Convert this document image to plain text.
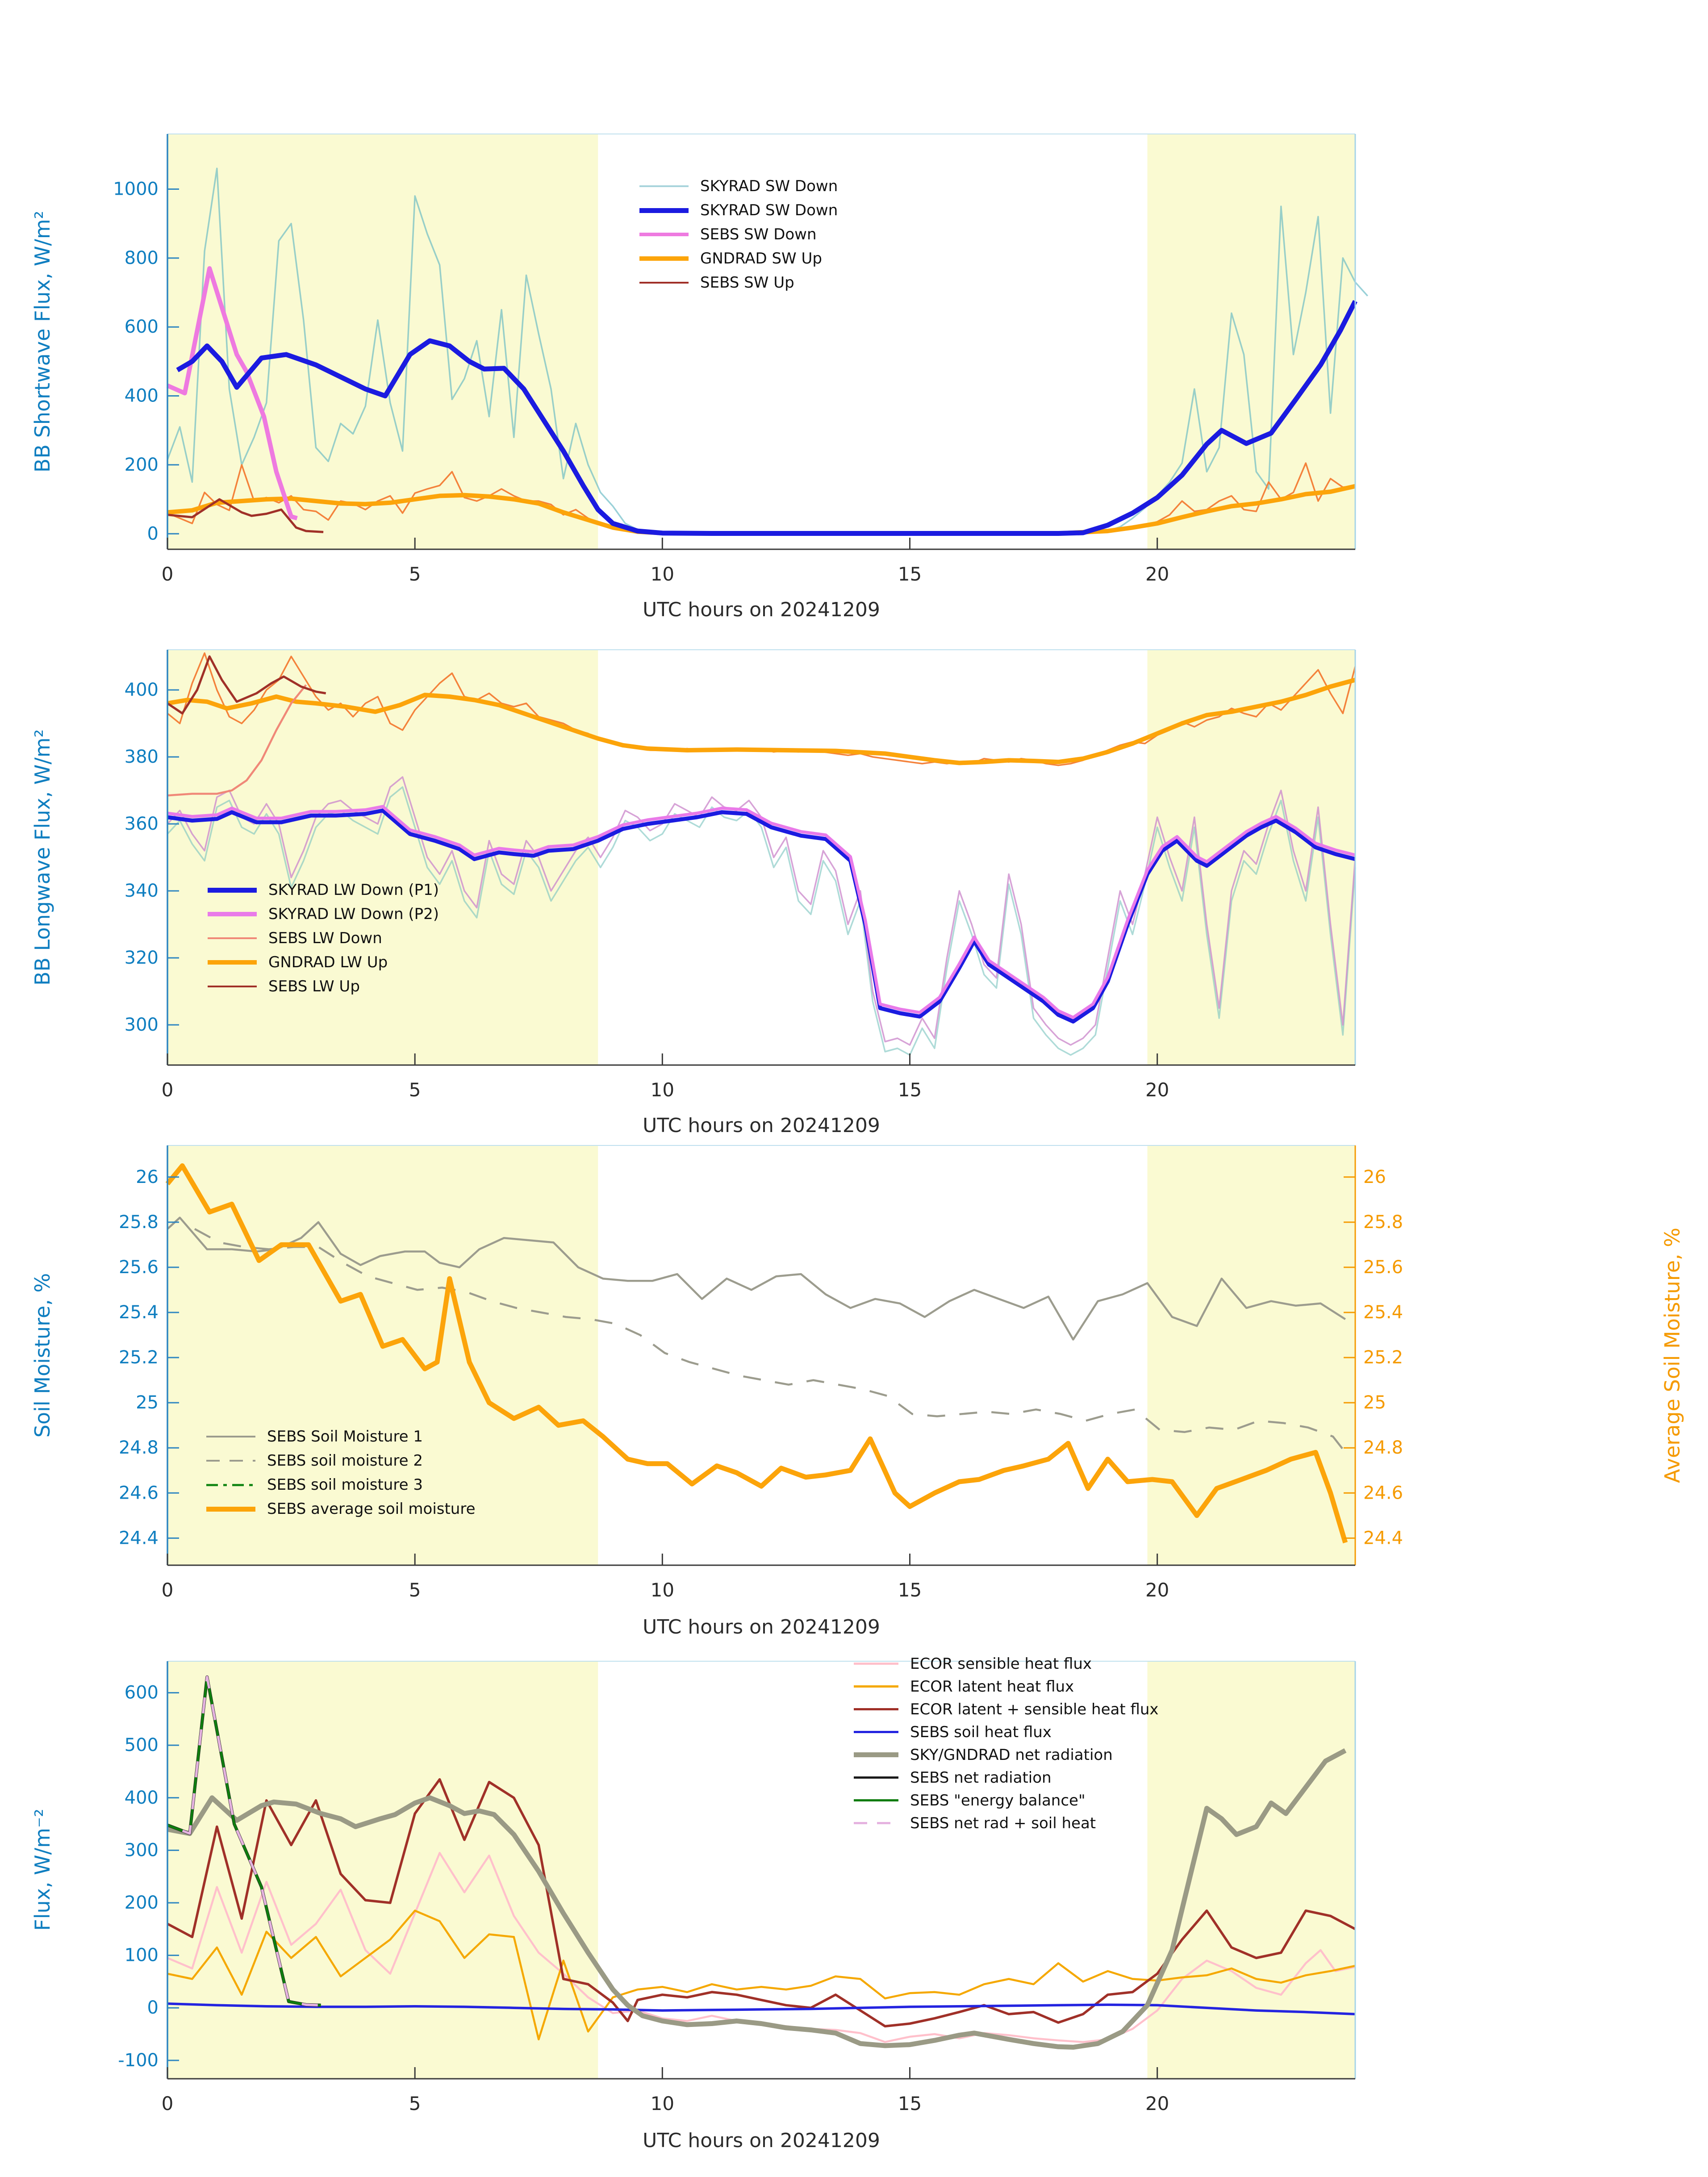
0
200
400
600
800
1000
0	5	10	15	20
300
320
340
360
380
400
0	5	10	15	20
24.4	24.4
24.6	24.6
24.8	24.8
25	25
25.2	25.2
25.4	25.4
25.6	25.6
25.8	25.8
26	26
0	5	10	15	20
-100
0
100
200
300
400
500
600
0	5	10	15	20
BB Shortwave Flux, W/m²
BB Longwave Flux, W/m²
Soil Moisture, %	Average Soil Moisture, %
Flux, W/m⁻²
UTC hours on 20241209
UTC hours on 20241209
UTC hours on 20241209
UTC hours on 20241209
SKYRAD SW Down
SKYRAD SW Down
SEBS SW Down
GNDRAD SW Up
SEBS SW Up
SKYRAD LW Down (P1)
SKYRAD LW Down (P2)
SEBS LW Down
GNDRAD LW Up
SEBS LW Up
SEBS Soil Moisture 1
SEBS soil moisture 2
SEBS soil moisture 3
SEBS average soil moisture
ECOR sensible heat flux
ECOR latent heat flux
ECOR latent + sensible heat flux
SEBS soil heat flux
SKY/GNDRAD net radiation
SEBS net radiation
SEBS "energy balance"
SEBS net rad + soil heat
